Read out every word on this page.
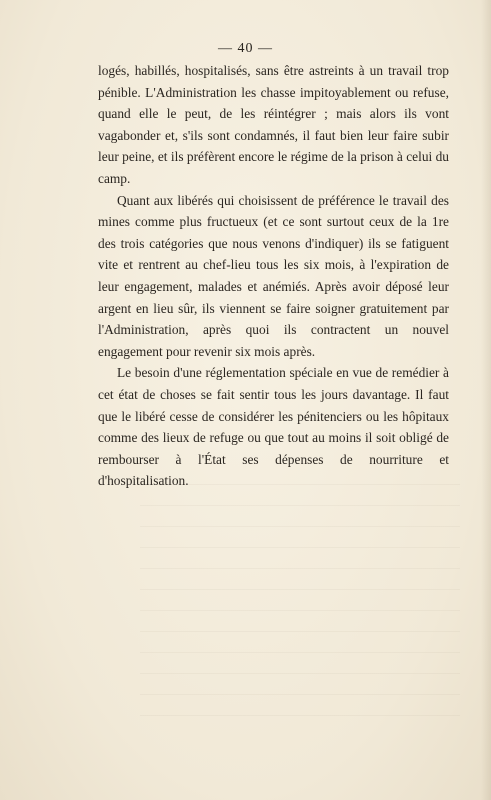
— 40 —

logés, habillés, hospitalisés, sans être astreints à un travail trop pénible. L'Administration les chasse impitoyablement ou refuse, quand elle le peut, de les réintégrer ; mais alors ils vont vagabonder et, s'ils sont condamnés, il faut bien leur faire subir leur peine, et ils préfèrent encore le régime de la prison à celui du camp.

Quant aux libérés qui choisissent de préférence le travail des mines comme plus fructueux (et ce sont surtout ceux de la 1re des trois catégories que nous venons d'indiquer) ils se fatiguent vite et rentrent au chef-lieu tous les six mois, à l'expiration de leur engagement, malades et anémiés. Après avoir déposé leur argent en lieu sûr, ils viennent se faire soigner gratuitement par l'Administration, après quoi ils contractent un nouvel engagement pour revenir six mois après.

Le besoin d'une réglementation spéciale en vue de remédier à cet état de choses se fait sentir tous les jours davantage. Il faut que le libéré cesse de considérer les pénitenciers ou les hôpitaux comme des lieux de refuge ou que tout au moins il soit obligé de rembourser à l'État ses dépenses de nourriture et d'hospitalisation.
